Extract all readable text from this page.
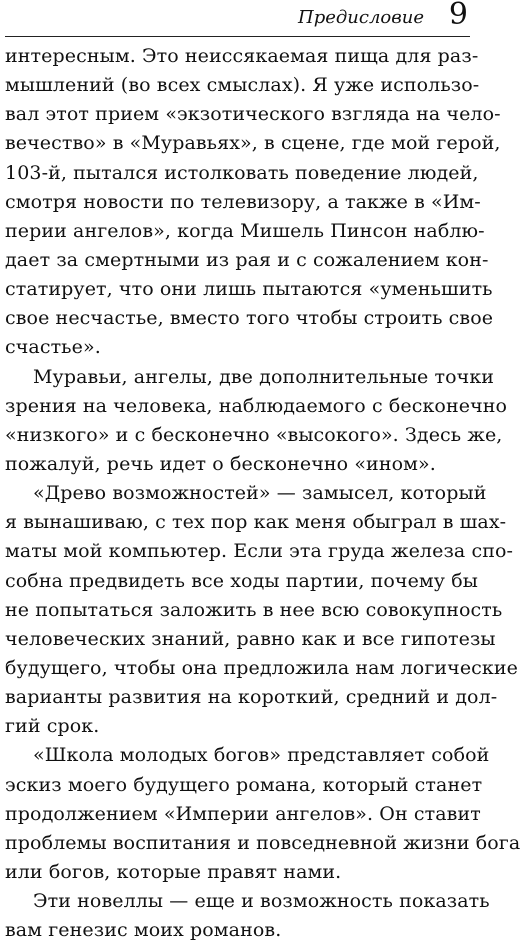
Предисловие 9
интересным. Это неиссякаемая пища для раз-
мышлений (во всех смыслах). Я уже использо-
вал этот прием «экзотического взгляда на чело-
вечество» в «Муравьях», в сцене, где мой герой,
103-й, пытался истолковать поведение людей,
смотря новости по телевизору, а также в «Им-
перии ангелов», когда Мишель Пинсон наблю-
дает за смертными из рая и с сожалением кон-
статирует, что они лишь пытаются «уменьшить
свое несчастье, вместо того чтобы строить свое
счастье».
Муравьи, ангелы, две дополнительные точки
зрения на человека, наблюдаемого с бесконечно
«низкого» и с бесконечно «высокого». Здесь же,
пожалуй, речь идет о бесконечно «ином».
«Древо возможностей» — замысел, который
я вынашиваю, с тех пор как меня обыграл в шах-
маты мой компьютер. Если эта груда железа спо-
собна предвидеть все ходы партии, почему бы
не попытаться заложить в нее всю совокупность
человеческих знаний, равно как и все гипотезы
будущего, чтобы она предложила нам логические
варианты развития на короткий, средний и дол-
гий срок.
«Школа молодых богов» представляет собой
эскиз моего будущего романа, который станет
продолжением «Империи ангелов». Он ставит
проблемы воспитания и повседневной жизни бога
или богов, которые правят нами.
Эти новеллы — еще и возможность показать
вам генезис моих романов.
